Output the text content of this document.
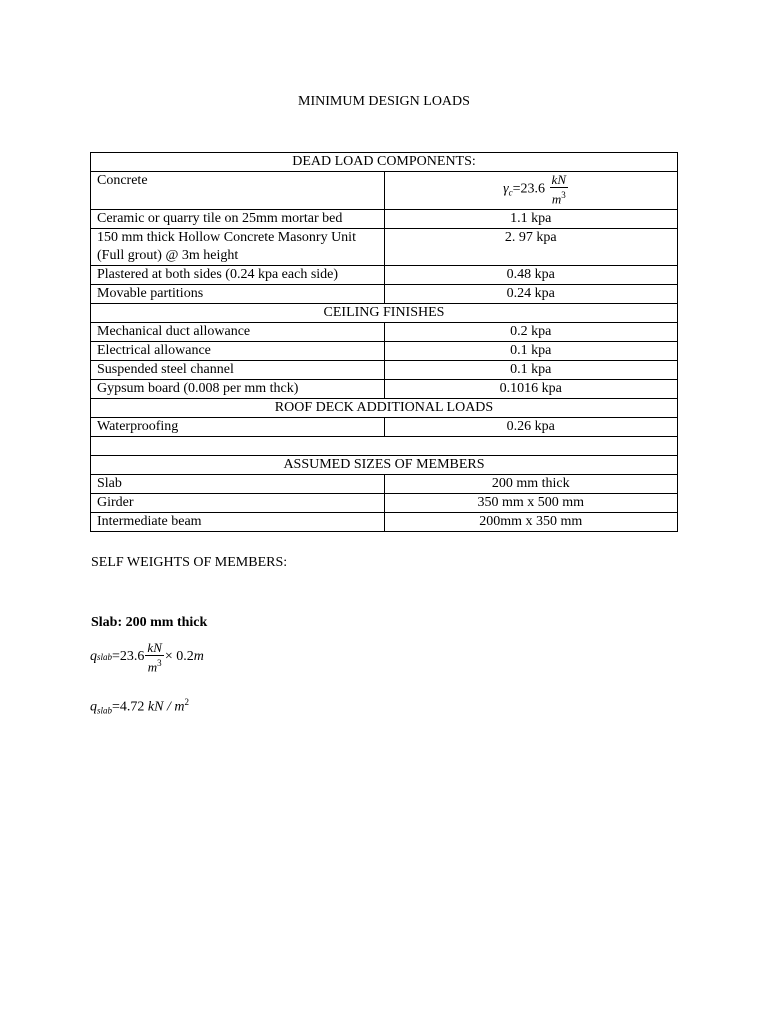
MINIMUM DESIGN LOADS
DEAD LOAD COMPONENTS:	
Concrete	$\gamma_c=23.6 \frac{kN}{m^3}$

Ceramic or quarry tile on 25mm mortar bed	1.1 kpa

150 mm thick Hollow Concrete Masonry Unit
(Full grout) @ 3m height	2. 97 kpa
Plastered at both sides (0.24 kpa each side)	0.48 kpa
Movable partitions	0.24 kpa
CEILING FINISHES	
Mechanical duct allowance	0.2 kpa
Electrical allowance	0.1 kpa
Suspended steel channel	0.1 kpa
Gypsum board (0.008 per mm thck)	0.1016 kpa
ROOF DECK ADDITIONAL LOADS	
Waterproofing	0.26 kpa

ASSUMED SIZES OF MEMBERS	
Slab	200 mm thick
Girder	350 mm x 500 mm
Intermediate beam	200mm x 350 mm
SELF WEIGHTS OF MEMBERS:
Slab: 200 mm thick
q slab $=23.6 \frac{kN}{m^3} \times 0.2$ m
$q_{slab}=4.72$ kN / $m^2$
